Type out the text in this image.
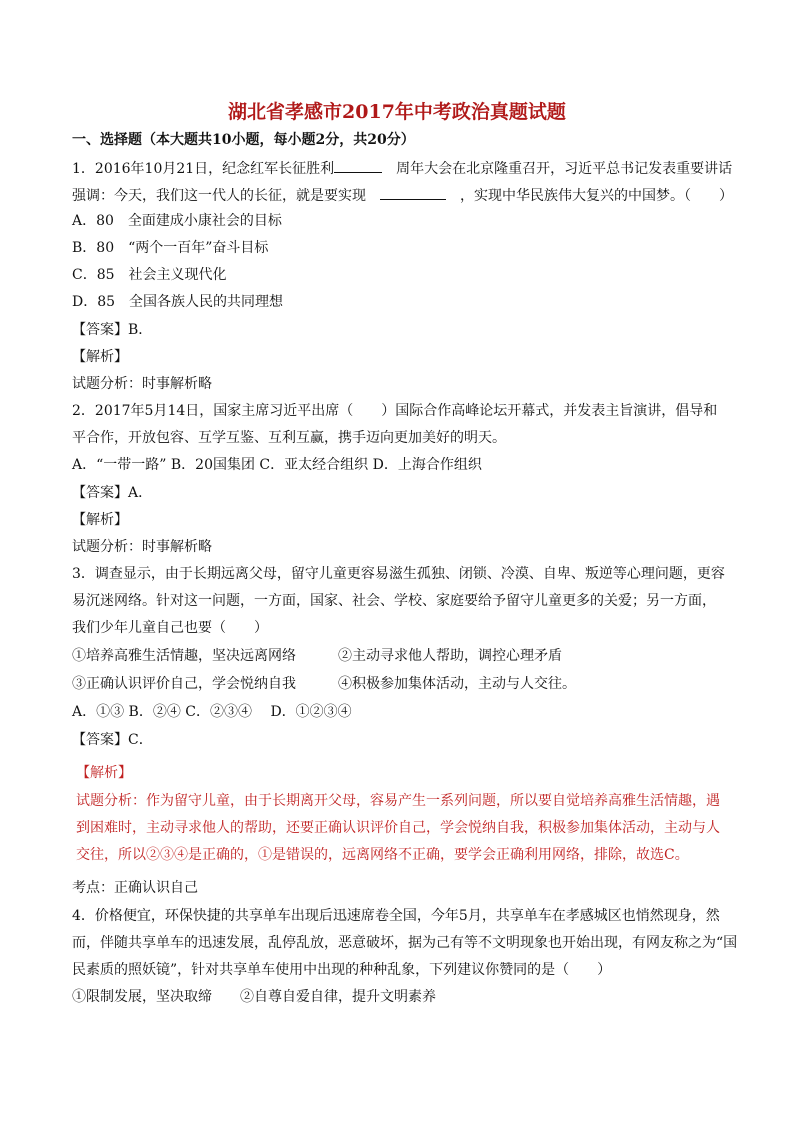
湖北省孝感市2017年中考政治真题试题
一、选择题（本大题共10小题，每小题2分，共20分）
1．2016年10月21日，纪念红军长征胜利　	周年大会在北京隆重召开，习近平总书记发表重要讲话
强调：今天，我们这一代人的长征，就是要实现　　	，实现中华民族伟大复兴的中国梦。（　　）
A．80　全面建成小康社会的目标
B．80　“两个一百年”奋斗目标
C．85　社会主义现代化
D．85　全国各族人民的共同理想
【答案】B．
【解析】
试题分析：时事解析略
2．2017年5月14日，国家主席习近平出席（　　）国际合作高峰论坛开幕式，并发表主旨演讲，倡导和
平合作，开放包容、互学互鉴、互利互赢，携手迈向更加美好的明天。
A．“一带一路” B．20国集团 C．亚太经合组织 D．上海合作组织
【答案】A．
【解析】
试题分析：时事解析略
3．调查显示，由于长期远离父母，留守儿童更容易滋生孤独、闭锁、冷漠、自卑、叛逆等心理问题，更容
易沉迷网络。针对这一问题，一方面，国家、社会、学校、家庭要给予留守儿童更多的关爱；另一方面，
我们少年儿童自己也要（　　）
①培养高雅生活情趣，坚决远离网络	②主动寻求他人帮助，调控心理矛盾
③正确认识评价自己，学会悦纳自我	④积极参加集体活动，主动与人交往。
A．①③ B．②④ C．②③④　 D．①②③④
【答案】C．
【解析】
试题分析：作为留守儿童，由于长期离开父母，容易产生一系列问题，所以要自觉培养高雅生活情趣，遇
到困难时，主动寻求他人的帮助，还要正确认识评价自己，学会悦纳自我，积极参加集体活动，主动与人
交往，所以②③④是正确的，①是错误的，远离网络不正确，要学会正确利用网络，排除，故选C。
考点：正确认识自己
4．价格便宜，环保快捷的共享单车出现后迅速席卷全国，今年5月，共享单车在孝感城区也悄然现身，然
而，伴随共享单车的迅速发展，乱停乱放，恶意破坏，据为己有等不文明现象也开始出现，有网友称之为“国
民素质的照妖镜”，针对共享单车使用中出现的种种乱象，下列建议你赞同的是（　　）
①限制发展，坚决取缔　　②自尊自爱自律，提升文明素养
